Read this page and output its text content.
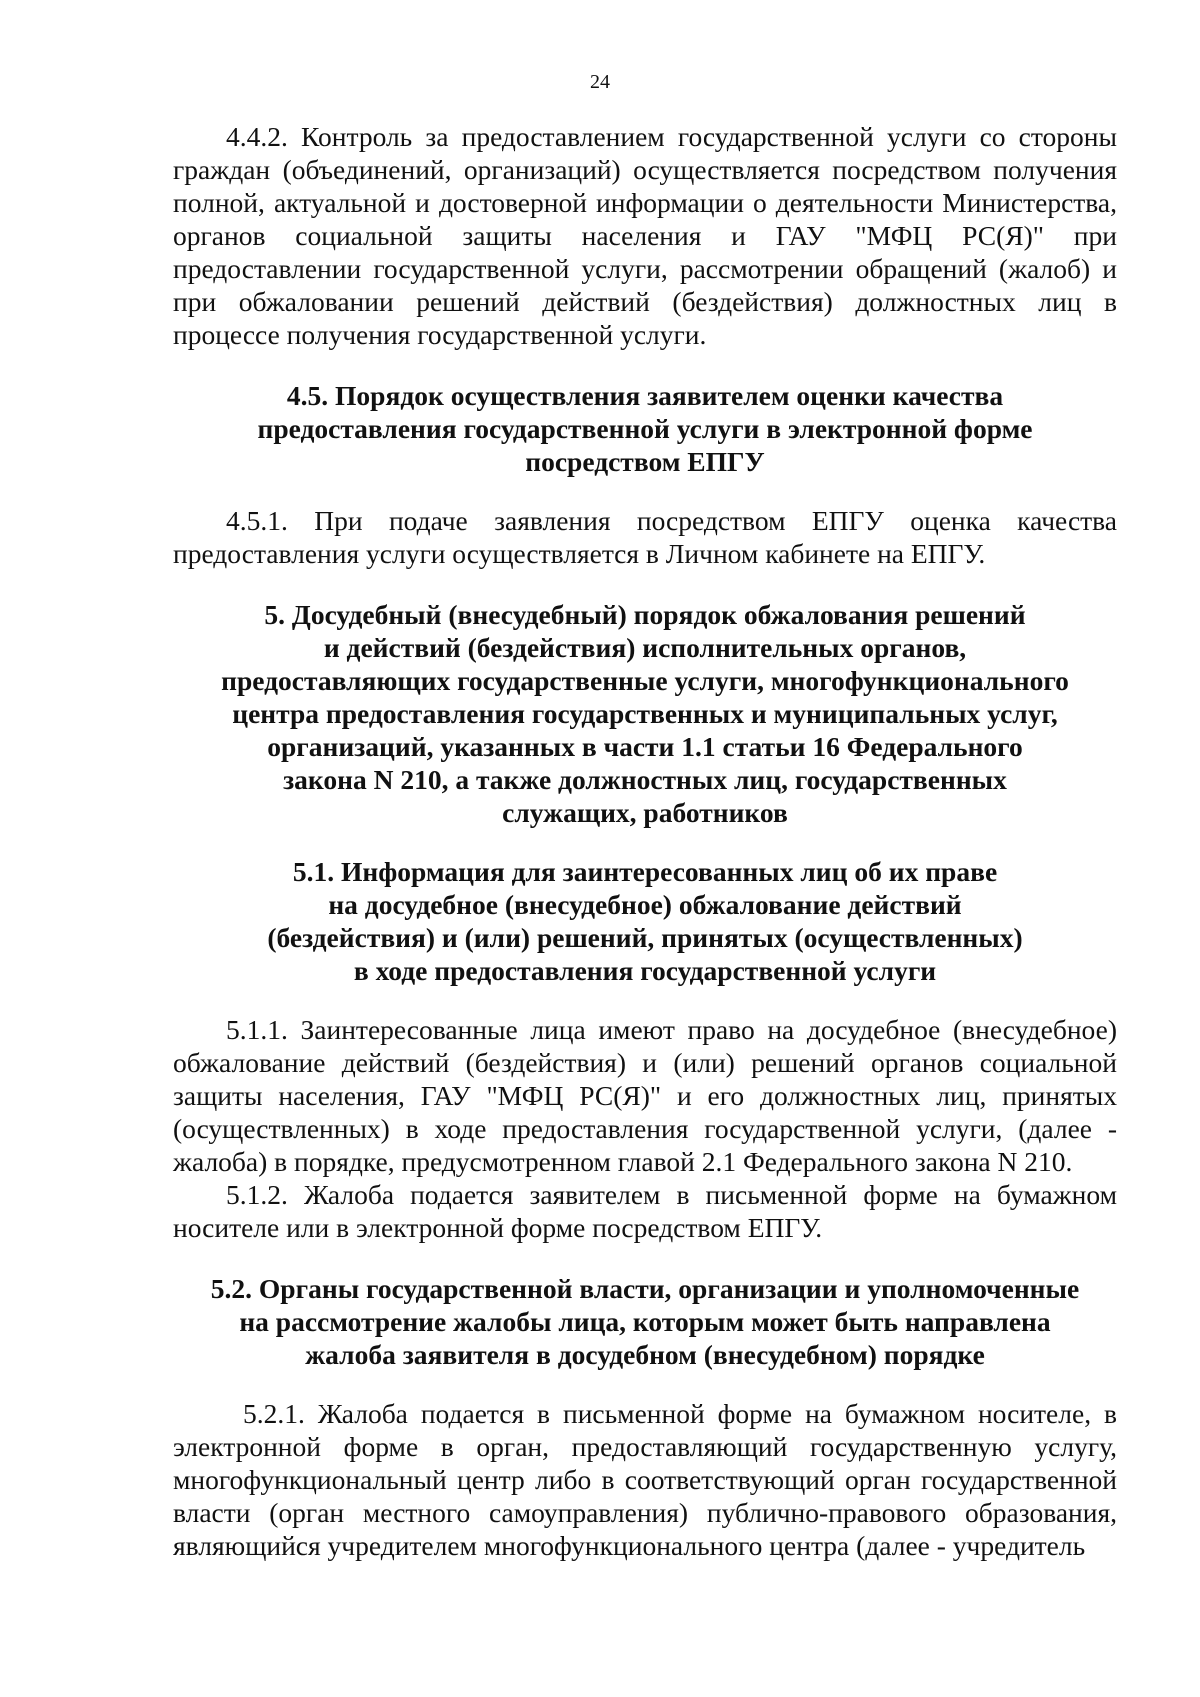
24

4.4.2. Контроль за предоставлением государственной услуги со стороны граждан (объединений, организаций) осуществляется посредством получения полной, актуальной и достоверной информации о деятельности Министерства, органов социальной защиты населения и ГАУ "МФЦ РС(Я)" при предоставлении государственной услуги, рассмотрении обращений (жалоб) и при обжаловании решений действий (бездействия) должностных лиц в процессе получения государственной услуги.

4.5. Порядок осуществления заявителем оценки качества
предоставления государственной услуги в электронной форме
посредством ЕПГУ

4.5.1. При подаче заявления посредством ЕПГУ оценка качества предоставления услуги осуществляется в Личном кабинете на ЕПГУ.

5. Досудебный (внесудебный) порядок обжалования решений
и действий (бездействия) исполнительных органов,
предоставляющих государственные услуги, многофункционального
центра предоставления государственных и муниципальных услуг,
организаций, указанных в части 1.1 статьи 16 Федерального
закона N 210, а также должностных лиц, государственных
служащих, работников
5.1. Информация для заинтересованных лиц об их праве
на досудебное (внесудебное) обжалование действий
(бездействия) и (или) решений, принятых (осуществленных)
в ходе предоставления государственной услуги

5.1.1. Заинтересованные лица имеют право на досудебное (внесудебное) обжалование действий (бездействия) и (или) решений органов социальной защиты населения, ГАУ "МФЦ РС(Я)" и его должностных лиц, принятых (осуществленных) в ходе предоставления государственной услуги, (далее - жалоба) в порядке, предусмотренном главой 2.1 Федерального закона N 210.

5.1.2. Жалоба подается заявителем в письменной форме на бумажном носителе или в электронной форме посредством ЕПГУ.

5.2. Органы государственной власти, организации и уполномоченные
на рассмотрение жалобы лица, которым может быть направлена
жалоба заявителя в досудебном (внесудебном) порядке

5.2.1. Жалоба подается в письменной форме на бумажном носителе, в электронной форме в орган, предоставляющий государственную услугу, многофункциональный центр либо в соответствующий орган государственной власти (орган местного самоуправления) публично-правового образования, являющийся учредителем многофункционального центра (далее - учредитель
